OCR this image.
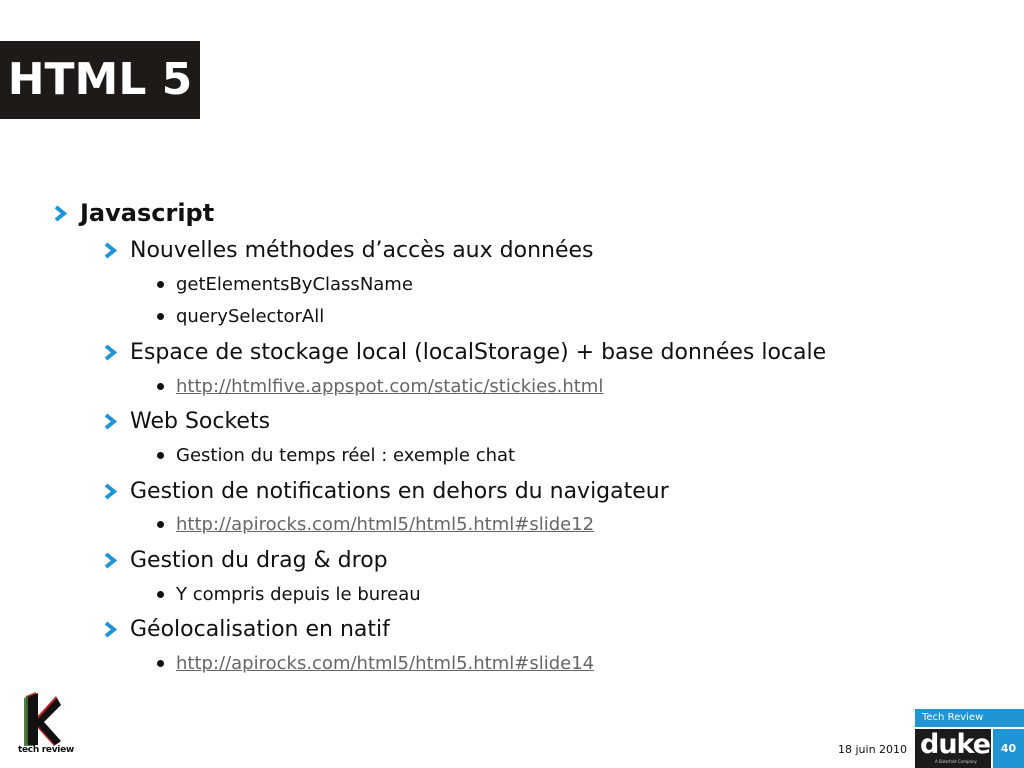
HTML 5
Javascript
Nouvelles méthodes d’accès aux données
getElementsByClassName
querySelectorAll
Espace de stockage local (localStorage) + base données locale
http://htmlfive.appspot.com/static/stickies.html
Web Sockets
Gestion du temps réel : exemple chat
Gestion de notifications en dehors du navigateur
http://apirocks.com/html5/html5.html#slide12
Gestion du drag & drop
Y compris depuis le bureau
Géolocalisation en natif
http://apirocks.com/html5/html5.html#slide14
tech review	18 juin 2010
Tech Review
duke
A Bizerfold Company
40
